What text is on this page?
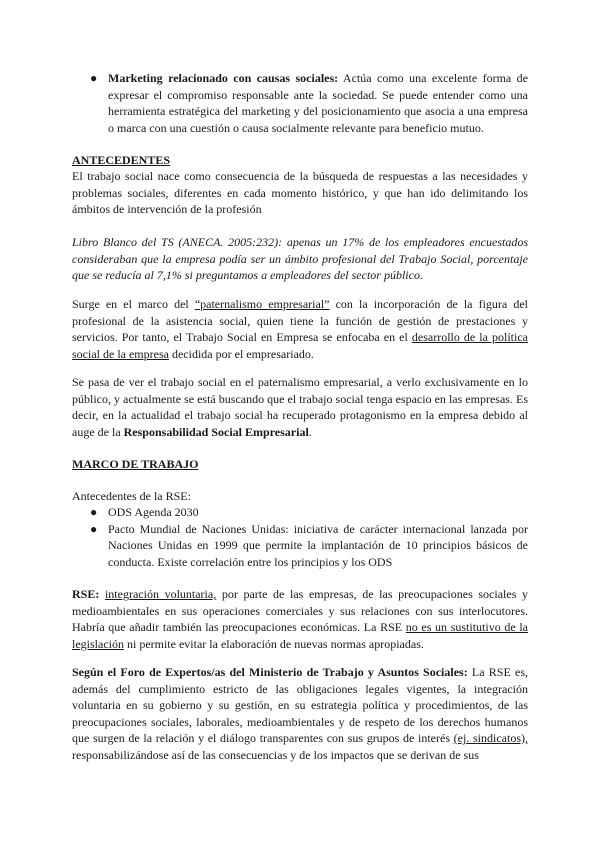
● Marketing relacionado con causas sociales: Actúa como una excelente forma de expresar el compromiso responsable ante la sociedad. Se puede entender como una herramienta estratégica del marketing y del posicionamiento que asocia a una empresa o marca con una cuestión o causa socialmente relevante para beneficio mutuo.
ANTECEDENTES

El trabajo social nace como consecuencia de la búsqueda de respuestas a las necesidades y problemas sociales, diferentes en cada momento histórico, y que han ido delimitando los ámbitos de intervención de la profesión

Libro Blanco del TS (ANECA. 2005:232): apenas un 17% de los empleadores encuestados consideraban que la empresa podía ser un ámbito profesional del Trabajo Social, porcentaje que se reducía al 7,1% si preguntamos a empleadores del sector público.

Surge en el marco del “paternalismo empresarial” con la incorporación de la figura del profesional de la asistencia social, quien tiene la función de gestión de prestaciones y servicios. Por tanto, el Trabajo Social en Empresa se enfocaba en el desarrollo de la política social de la empresa decidida por el empresariado.

Se pasa de ver el trabajo social en el paternalismo empresarial, a verlo exclusivamente en lo público, y actualmente se está buscando que el trabajo social tenga espacio en las empresas. Es decir, en la actualidad el trabajo social ha recuperado protagonismo en la empresa debido al auge de la Responsabilidad Social Empresarial.

MARCO DE TRABAJO
Antecedentes de la RSE:
● ODS Agenda 2030
● Pacto Mundial de Naciones Unidas: iniciativa de carácter internacional lanzada por Naciones Unidas en 1999 que permite la implantación de 10 principios básicos de conducta. Existe correlación entre los principios y los ODS

RSE: integración voluntaria, por parte de las empresas, de las preocupaciones sociales y medioambientales en sus operaciones comerciales y sus relaciones con sus interlocutores. Habría que añadir también las preocupaciones económicas. La RSE no es un sustitutivo de la legislación ni permite evitar la elaboración de nuevas normas apropiadas.

Según el Foro de Expertos/as del Ministerio de Trabajo y Asuntos Sociales: La RSE es, además del cumplimiento estricto de las obligaciones legales vigentes, la integración voluntaria en su gobierno y su gestión, en su estrategia política y procedimientos, de las preocupaciones sociales, laborales, medioambientales y de respeto de los derechos humanos que surgen de la relación y el diálogo transparentes con sus grupos de interés (ej. sindicatos), responsabilizándose así de las consecuencias y de los impactos que se derivan de sus
